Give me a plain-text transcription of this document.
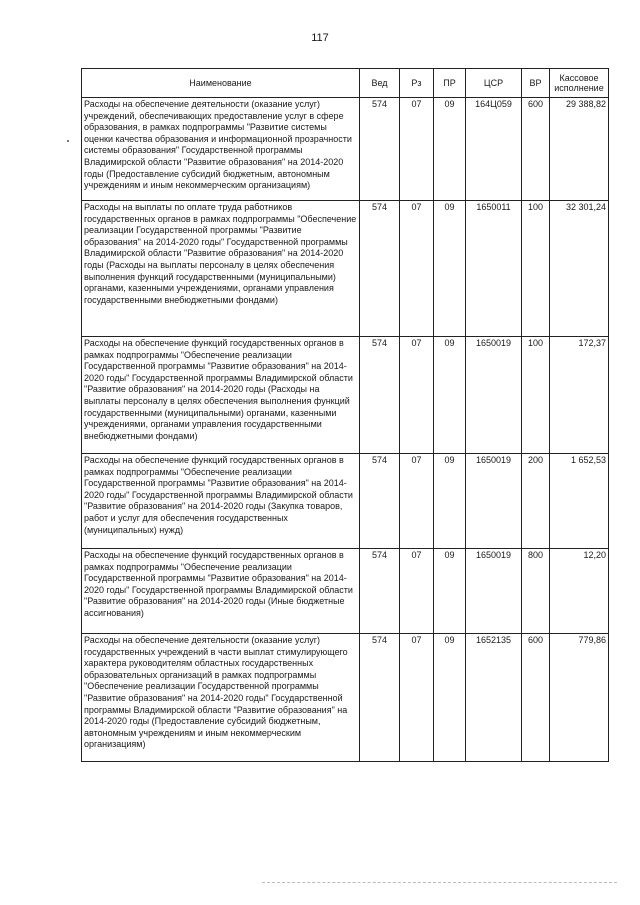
117
Наименование	Вед	Рз	ПР	ЦСР	ВР	Кассовое исполнение
Расходы на обеспечение деятельности (оказание услуг) учреждений, обеспечивающих предоставление услуг в сфере образования, в рамках подпрограммы "Развитие системы оценки качества образования и информационной прозрачности системы образования" Государственной программы Владимирской области "Развитие образования" на 2014-2020 годы (Предоставление субсидий бюджетным, автономным учреждениям и иным некоммерческим организациям)	574	07	09	164Ц059	600	29 388,82
Расходы на выплаты по оплате труда работников государственных органов в рамках подпрограммы "Обеспечение реализации Государственной программы "Развитие образования" на 2014-2020 годы" Государственной программы Владимирской области "Развитие образования" на 2014-2020 годы (Расходы на выплаты персоналу в целях обеспечения выполнения функций государственными (муниципальными) органами, казенными учреждениями, органами управления государственными внебюджетными фондами)	574	07	09	1650011	100	32 301,24
Расходы на обеспечение функций государственных органов в рамках подпрограммы "Обеспечение реализации Государственной программы "Развитие образования" на 2014-2020 годы" Государственной программы Владимирской области "Развитие образования" на 2014-2020 годы (Расходы на выплаты персоналу в целях обеспечения выполнения функций государственными (муниципальными) органами, казенными учреждениями, органами управления государственными внебюджетными фондами)	574	07	09	1650019	100	172,37
Расходы на обеспечение функций государственных органов в рамках подпрограммы "Обеспечение реализации Государственной программы "Развитие образования" на 2014-2020 годы" Государственной программы Владимирской области "Развитие образования" на 2014-2020 годы (Закупка товаров, работ и услуг для обеспечения государственных (муниципальных) нужд)	574	07	09	1650019	200	1 652,53
Расходы на обеспечение функций государственных органов в рамках подпрограммы "Обеспечение реализации Государственной программы "Развитие образования" на 2014-2020 годы" Государственной программы Владимирской области "Развитие образования" на 2014-2020 годы (Иные бюджетные ассигнования)	574	07	09	1650019	800	12,20
Расходы на обеспечение деятельности (оказание услуг) государственных учреждений в части выплат стимулирующего характера руководителям областных государственных образовательных организаций в рамках подпрограммы "Обеспечение реализации Государственной программы "Развитие образования" на 2014-2020 годы" Государственной программы Владимирской области "Развитие образования" на 2014-2020 годы (Предоставление субсидий бюджетным, автономным учреждениям и иным некоммерческим организациям)	574	07	09	1652135	600	779,86
